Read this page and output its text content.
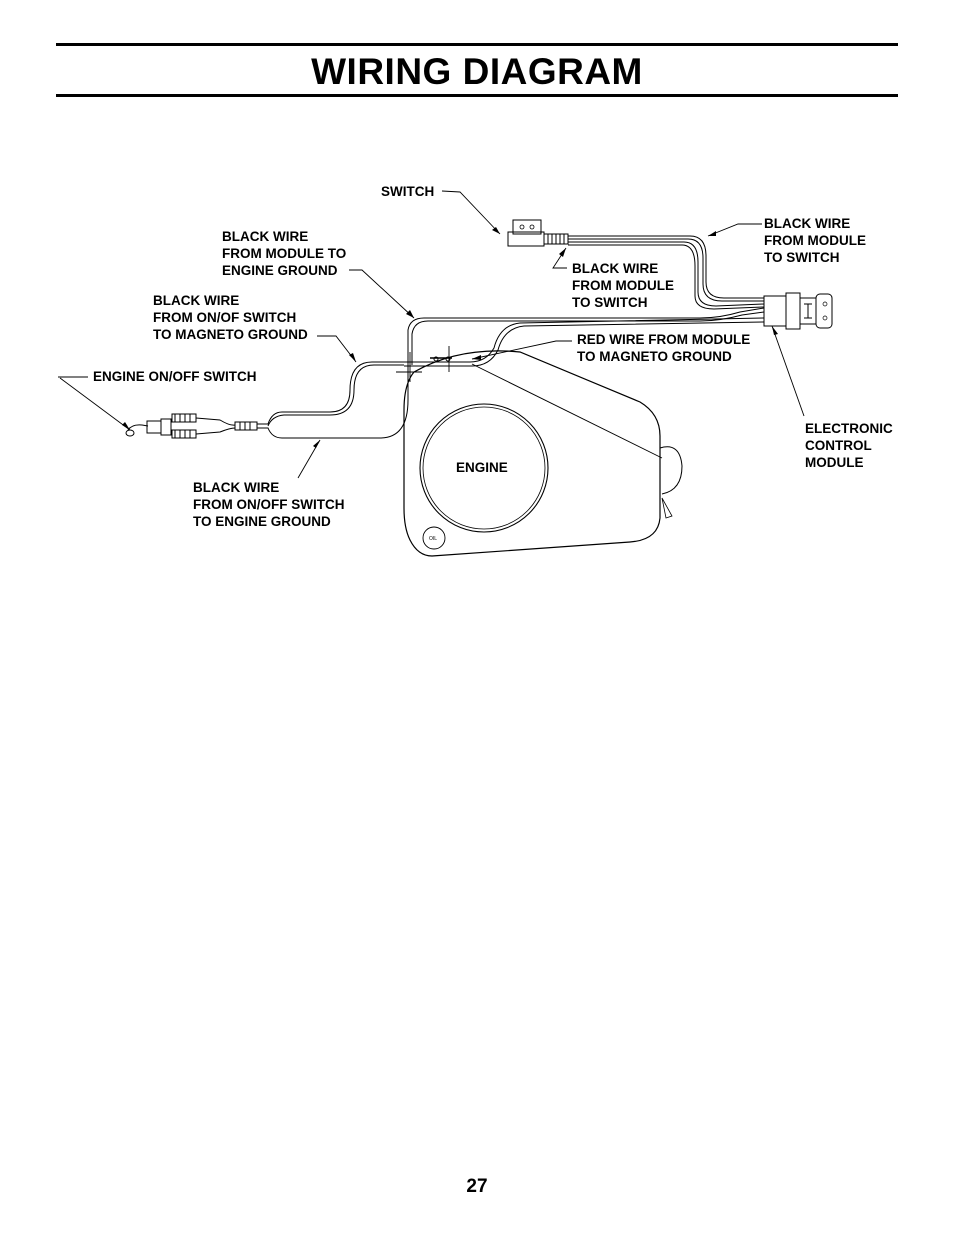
WIRING DIAGRAM
OIL
SWITCH
BLACK WIRE
FROM MODULE TO
ENGINE GROUND
BLACK WIRE
FROM ON/OF SWITCH
TO MAGNETO GROUND
ENGINE ON/OFF SWITCH
BLACK WIRE
FROM ON/OFF SWITCH
TO ENGINE GROUND
BLACK WIRE
FROM MODULE
TO SWITCH
BLACK WIRE
FROM MODULE
TO SWITCH
RED WIRE FROM MODULE
TO MAGNETO GROUND
ELECTRONIC
CONTROL
MODULE
ENGINE
27
